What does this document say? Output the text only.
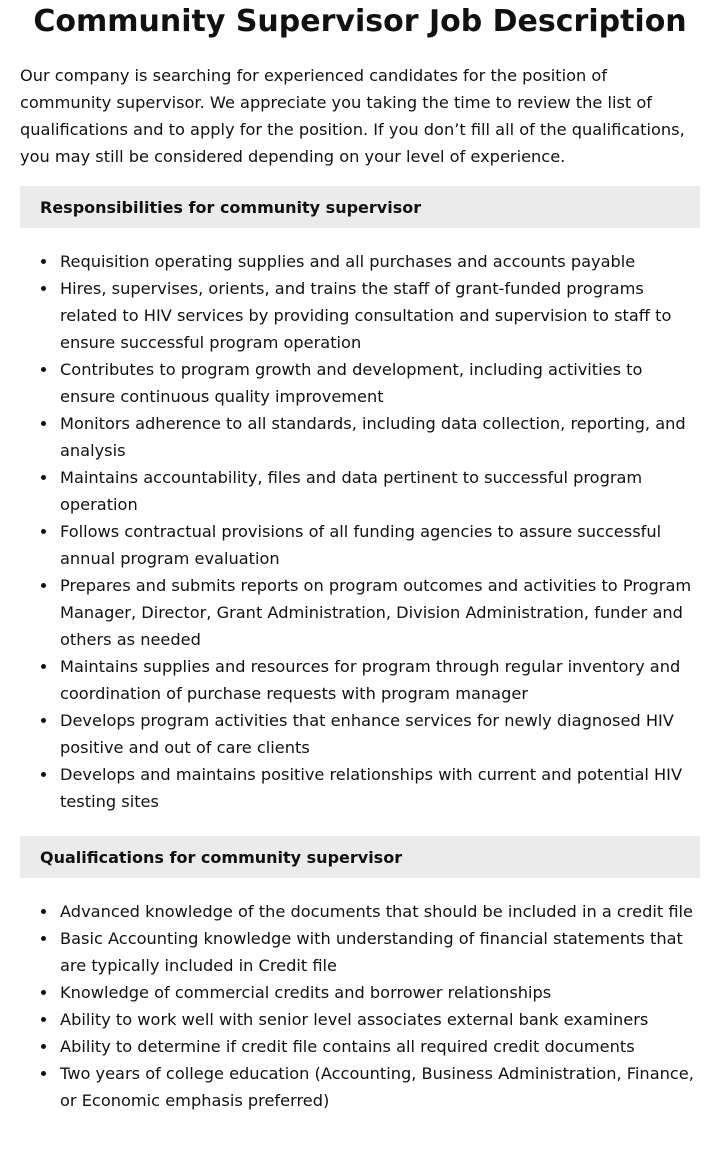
Community Supervisor Job Description

Our company is searching for experienced candidates for the position of community supervisor. We appreciate you taking the time to review the list of qualifications and to apply for the position. If you don’t fill all of the qualifications, you may still be considered depending on your level of experience.

Responsibilities for community supervisor
Requisition operating supplies and all purchases and accounts payable
Hires, supervises, orients, and trains the staff of grant-funded programs related to HIV services by providing consultation and supervision to staff to ensure successful program operation
Contributes to program growth and development, including activities to ensure continuous quality improvement
Monitors adherence to all standards, including data collection, reporting, and analysis
Maintains accountability, files and data pertinent to successful program operation
Follows contractual provisions of all funding agencies to assure successful annual program evaluation
Prepares and submits reports on program outcomes and activities to Program Manager, Director, Grant Administration, Division Administration, funder and others as needed
Maintains supplies and resources for program through regular inventory and coordination of purchase requests with program manager
Develops program activities that enhance services for newly diagnosed HIV positive and out of care clients
Develops and maintains positive relationships with current and potential HIV testing sites
Qualifications for community supervisor
Advanced knowledge of the documents that should be included in a credit file
Basic Accounting knowledge with understanding of financial statements that are typically included in Credit file
Knowledge of commercial credits and borrower relationships
Ability to work well with senior level associates external bank examiners
Ability to determine if credit file contains all required credit documents
Two years of college education (Accounting, Business Administration, Finance, or Economic emphasis preferred)
